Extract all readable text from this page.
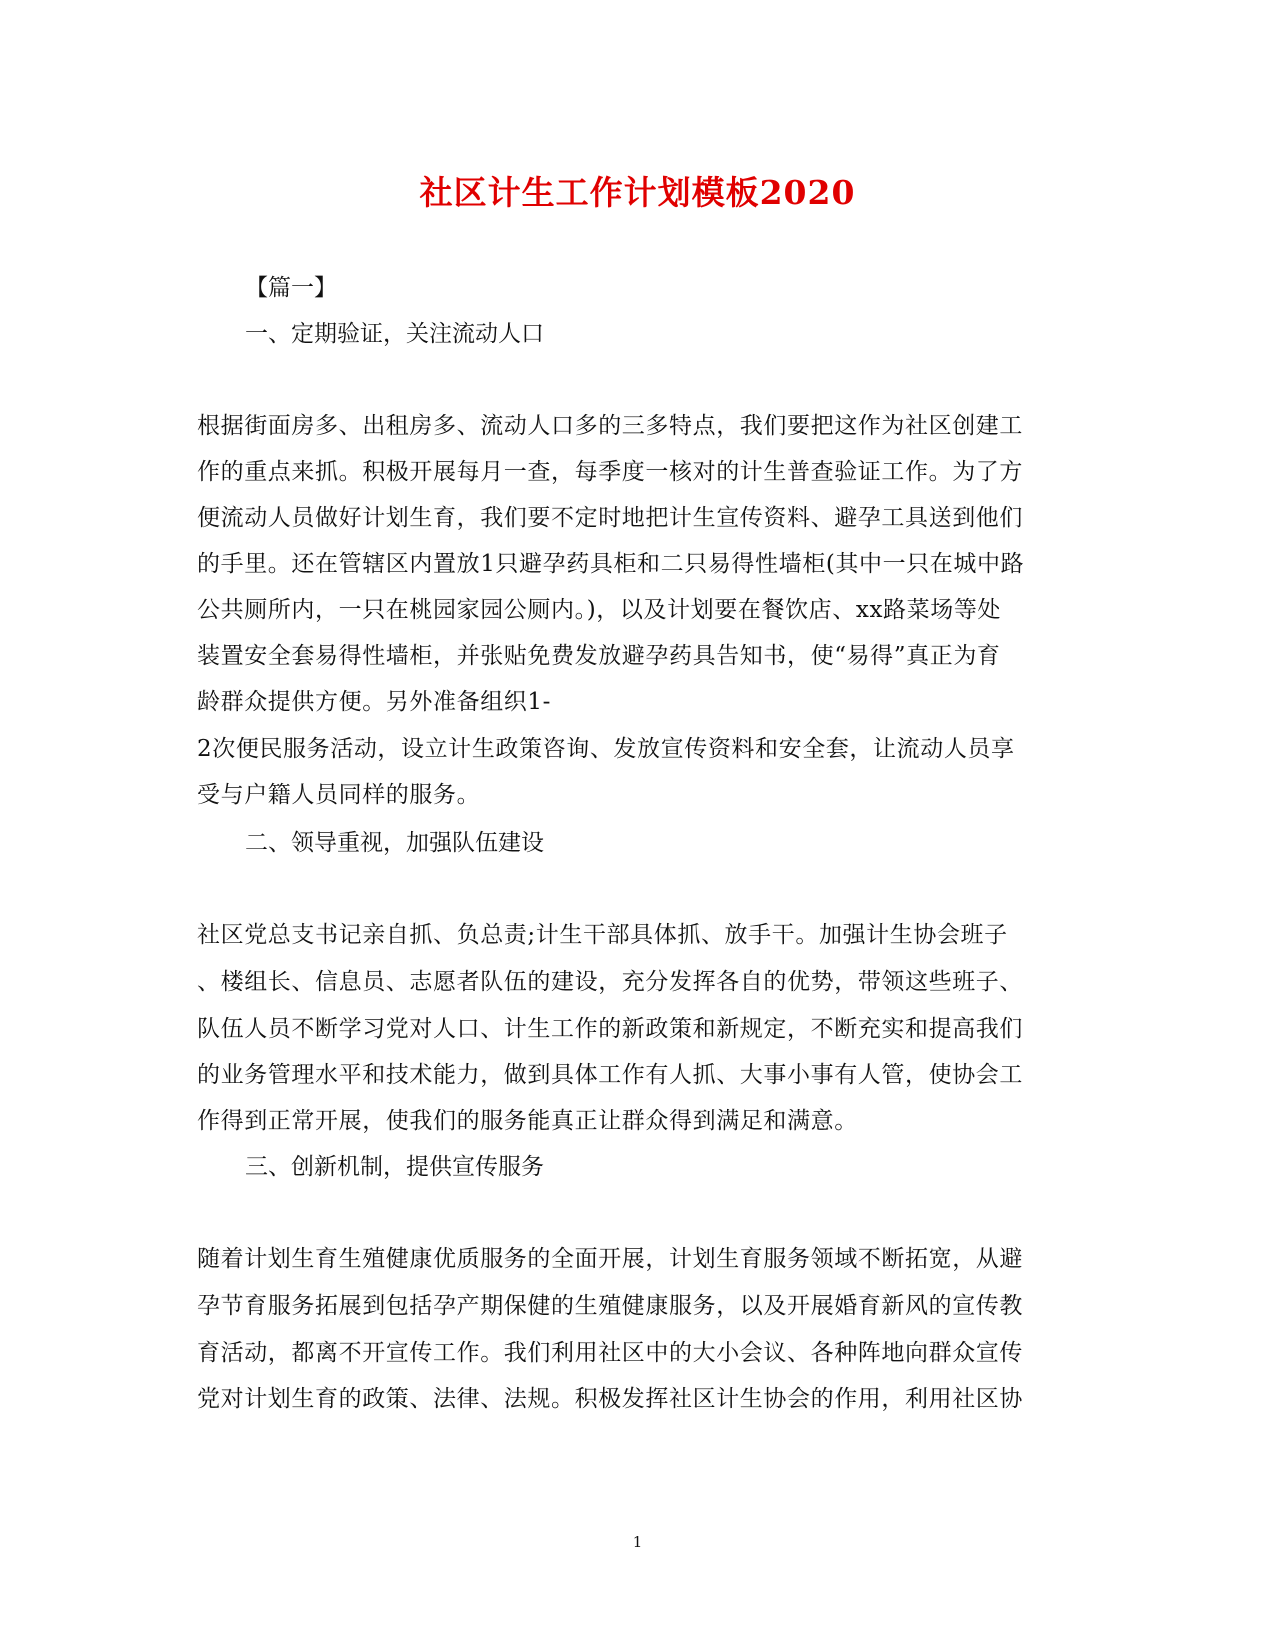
社区计生工作计划模板2020
【篇一】
一、定期验证，关注流动人口
根据街面房多、出租房多、流动人口多的三多特点，我们要把这作为社区创建工
作的重点来抓。积极开展每月一查，每季度一核对的计生普查验证工作。为了方
便流动人员做好计划生育，我们要不定时地把计生宣传资料、避孕工具送到他们
的手里。还在管辖区内置放1只避孕药具柜和二只易得性墙柜(其中一只在城中路
公共厕所内，一只在桃园家园公厕内。)，以及计划要在餐饮店、xx路菜场等处
装置安全套易得性墙柜，并张贴免费发放避孕药具告知书，使“易得”真正为育
龄群众提供方便。另外准备组织1-
2次便民服务活动，设立计生政策咨询、发放宣传资料和安全套，让流动人员享
受与户籍人员同样的服务。
二、领导重视，加强队伍建设
社区党总支书记亲自抓、负总责;计生干部具体抓、放手干。加强计生协会班子
、楼组长、信息员、志愿者队伍的建设，充分发挥各自的优势，带领这些班子、
队伍人员不断学习党对人口、计生工作的新政策和新规定，不断充实和提高我们
的业务管理水平和技术能力，做到具体工作有人抓、大事小事有人管，使协会工
作得到正常开展，使我们的服务能真正让群众得到满足和满意。
三、创新机制，提供宣传服务
随着计划生育生殖健康优质服务的全面开展，计划生育服务领域不断拓宽，从避
孕节育服务拓展到包括孕产期保健的生殖健康服务，以及开展婚育新风的宣传教
育活动，都离不开宣传工作。我们利用社区中的大小会议、各种阵地向群众宣传
党对计划生育的政策、法律、法规。积极发挥社区计生协会的作用，利用社区协
1
